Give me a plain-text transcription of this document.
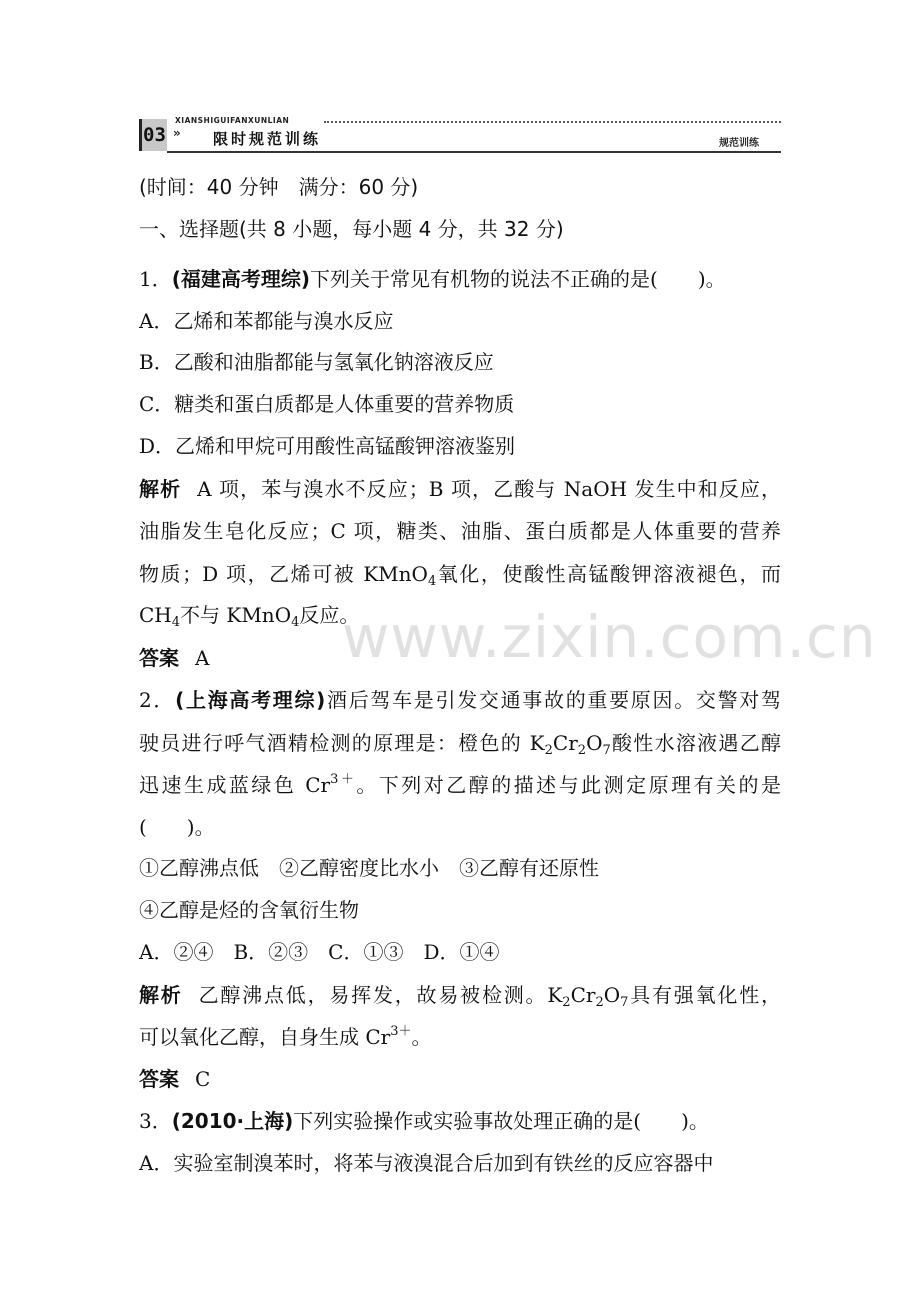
03
XIANSHIGUIFANXUNLIAN
» 限时规范训练	规范训练
(时间：40 分钟　满分：60 分)
一、选择题(共 8 小题，每小题 4 分，共 32 分)
1．(福建高考理综)下列关于常见有机物的说法不正确的是(　　)。
A．乙烯和苯都能与溴水反应
B．乙酸和油脂都能与氢氧化钠溶液反应
C．糖类和蛋白质都是人体重要的营养物质
D．乙烯和甲烷可用酸性高锰酸钾溶液鉴别
解析 A 项，苯与溴水不反应；B 项，乙酸与 NaOH 发生中和反应，
油脂发生皂化反应；C 项，糖类、油脂、蛋白质都是人体重要的营养
物质；D 项，乙烯可被 KMnO$_4$氧化，使酸性高锰酸钾溶液褪色，而
$CH_4$不与 KMnO$_4$反应。
答案 A
2．(上海高考理综)酒后驾车是引发交通事故的重要原因。交警对驾
驶员进行呼气酒精检测的原理是：橙色的 $K_2Cr_2O_7$酸性水溶液遇乙醇
迅速生成蓝绿色 $Cr^{3+}$。下列对乙醇的描述与此测定原理有关的是
(　　)。
①乙醇沸点低　②乙醇密度比水小　③乙醇有还原性
④乙醇是烃的含氧衍生物
A．②④　B．②③　C．①③　D．①④
解析 乙醇沸点低，易挥发，故易被检测。$K_2Cr_2O_7$具有强氧化性，
可以氧化乙醇，自身生成 $Cr^{3+}$。
答案 C
3．(2010·上海)下列实验操作或实验事故处理正确的是(　　)。
A．实验室制溴苯时，将苯与液溴混合后加到有铁丝的反应容器中
www.zixin.com.cn
